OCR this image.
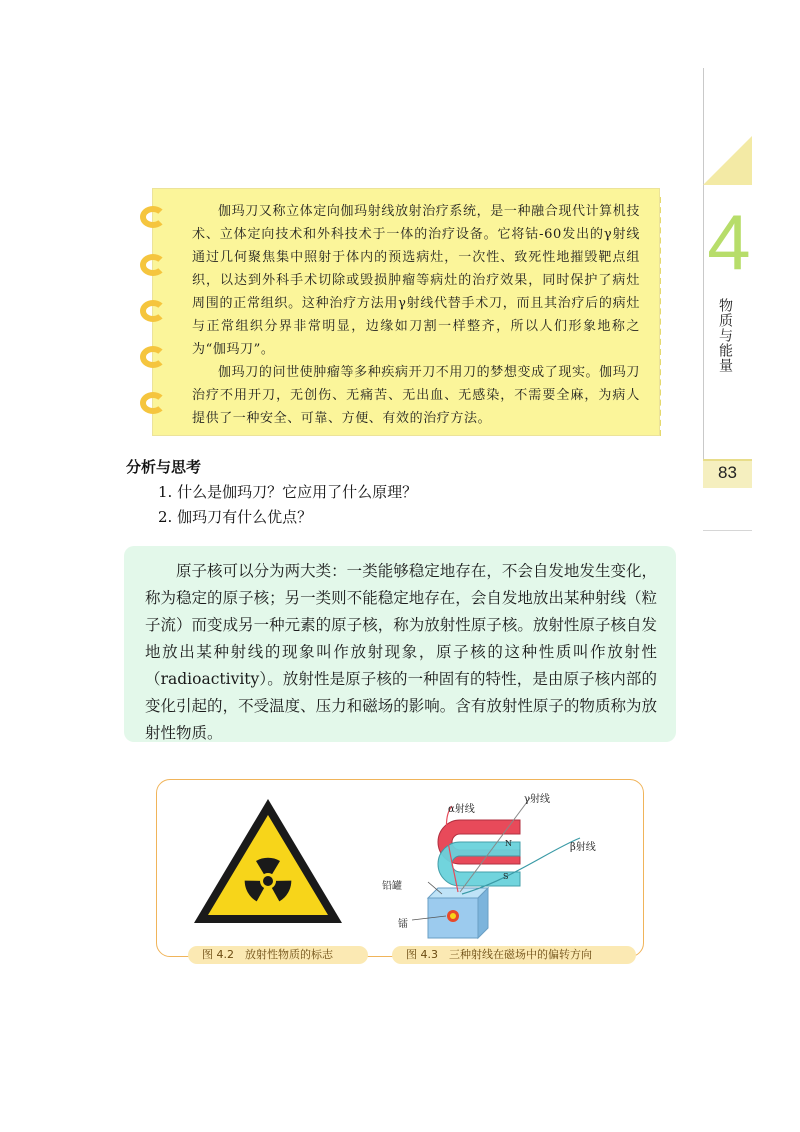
4
物质与能量
83

伽玛刀又称立体定向伽玛射线放射治疗系统，是一种融合现代计算机技术、立体定向技术和外科技术于一体的治疗设备。它将钴-60发出的γ射线通过几何聚焦集中照射于体内的预选病灶，一次性、致死性地摧毁靶点组织，以达到外科手术切除或毁损肿瘤等病灶的治疗效果，同时保护了病灶周围的正常组织。这种治疗方法用γ射线代替手术刀，而且其治疗后的病灶与正常组织分界非常明显，边缘如刀割一样整齐，所以人们形象地称之为“伽玛刀”。

伽玛刀的问世使肿瘤等多种疾病开刀不用刀的梦想变成了现实。伽玛刀治疗不用开刀，无创伤、无痛苦、无出血、无感染，不需要全麻，为病人提供了一种安全、可靠、方便、有效的治疗方法。

分析与思考
1. 什么是伽玛刀？它应用了什么原理？
2. 伽玛刀有什么优点？
原子核可以分为两大类：一类能够稳定地存在，不会自发地发生变化，称为稳定的原子核；另一类则不能稳定地存在，会自发地放出某种射线（粒子流）而变成另一种元素的原子核，称为放射性原子核。放射性原子核自发地放出某种射线的现象叫作放射现象，原子核的这种性质叫作放射性（radioactivity）。放射性是原子核的一种固有的特性，是由原子核内部的变化引起的，不受温度、压力和磁场的影响。含有放射性原子的物质称为放射性物质。
N
S
α射线
γ射线
β射线
铅罐
镭
图 4.2　放射性物质的标志	图 4.3　三种射线在磁场中的偏转方向
